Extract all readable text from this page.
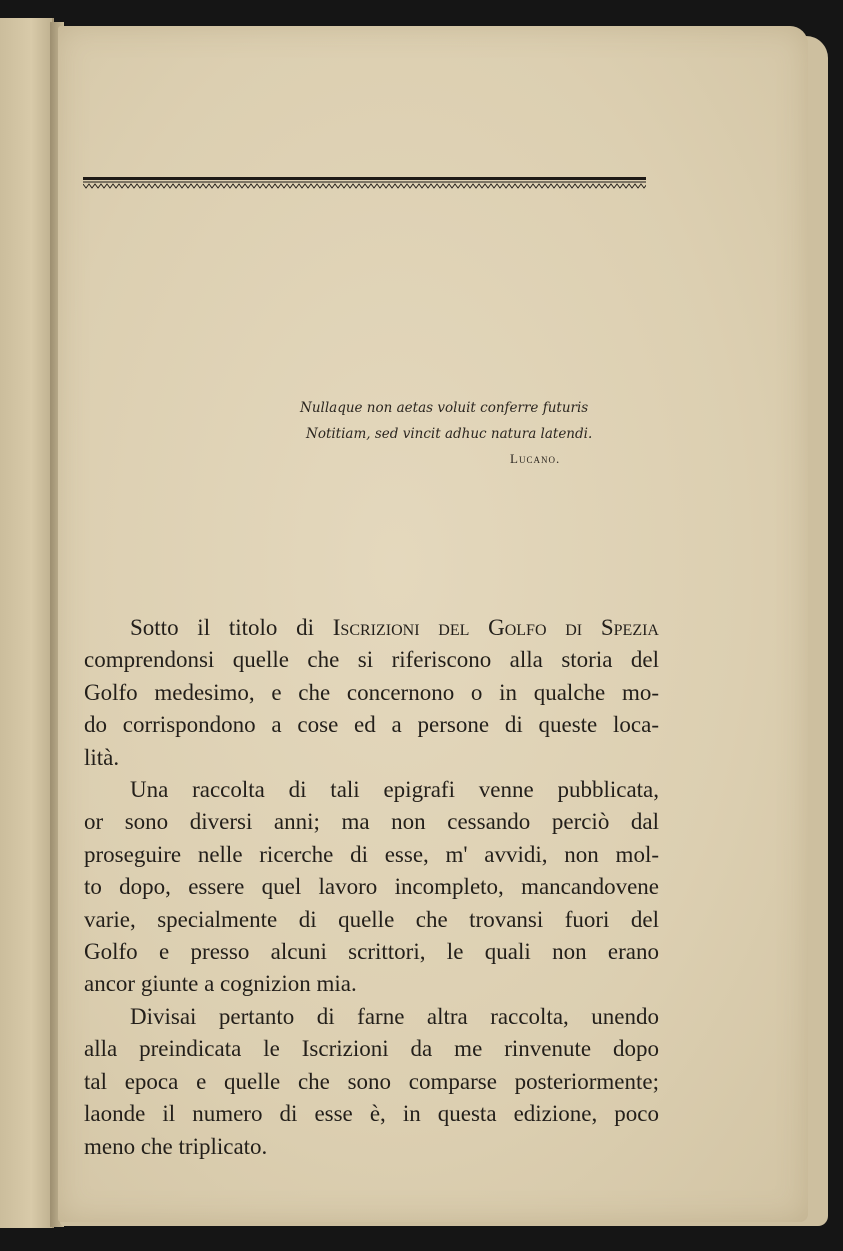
Nullaque non aetas voluit conferre futuris
Notitiam, sed vincit adhuc natura latendi.
Lucano.

Sotto il titolo di Iscrizioni del Golfo di Spezia
comprendonsi quelle che si riferiscono alla storia del
Golfo medesimo, e che concernono o in qualche mo-
do corrispondono a cose ed a persone di queste loca-
lità.

Una raccolta di tali epigrafi venne pubblicata,
or sono diversi anni; ma non cessando perciò dal
proseguire nelle ricerche di esse, m' avvidi, non mol-
to dopo, essere quel lavoro incompleto, mancandovene
varie, specialmente di quelle che trovansi fuori del
Golfo e presso alcuni scrittori, le quali non erano
ancor giunte a cognizion mia.

Divisai pertanto di farne altra raccolta, unendo
alla preindicata le Iscrizioni da me rinvenute dopo
tal epoca e quelle che sono comparse posteriormente;
laonde il numero di esse è, in questa edizione, poco
meno che triplicato.
